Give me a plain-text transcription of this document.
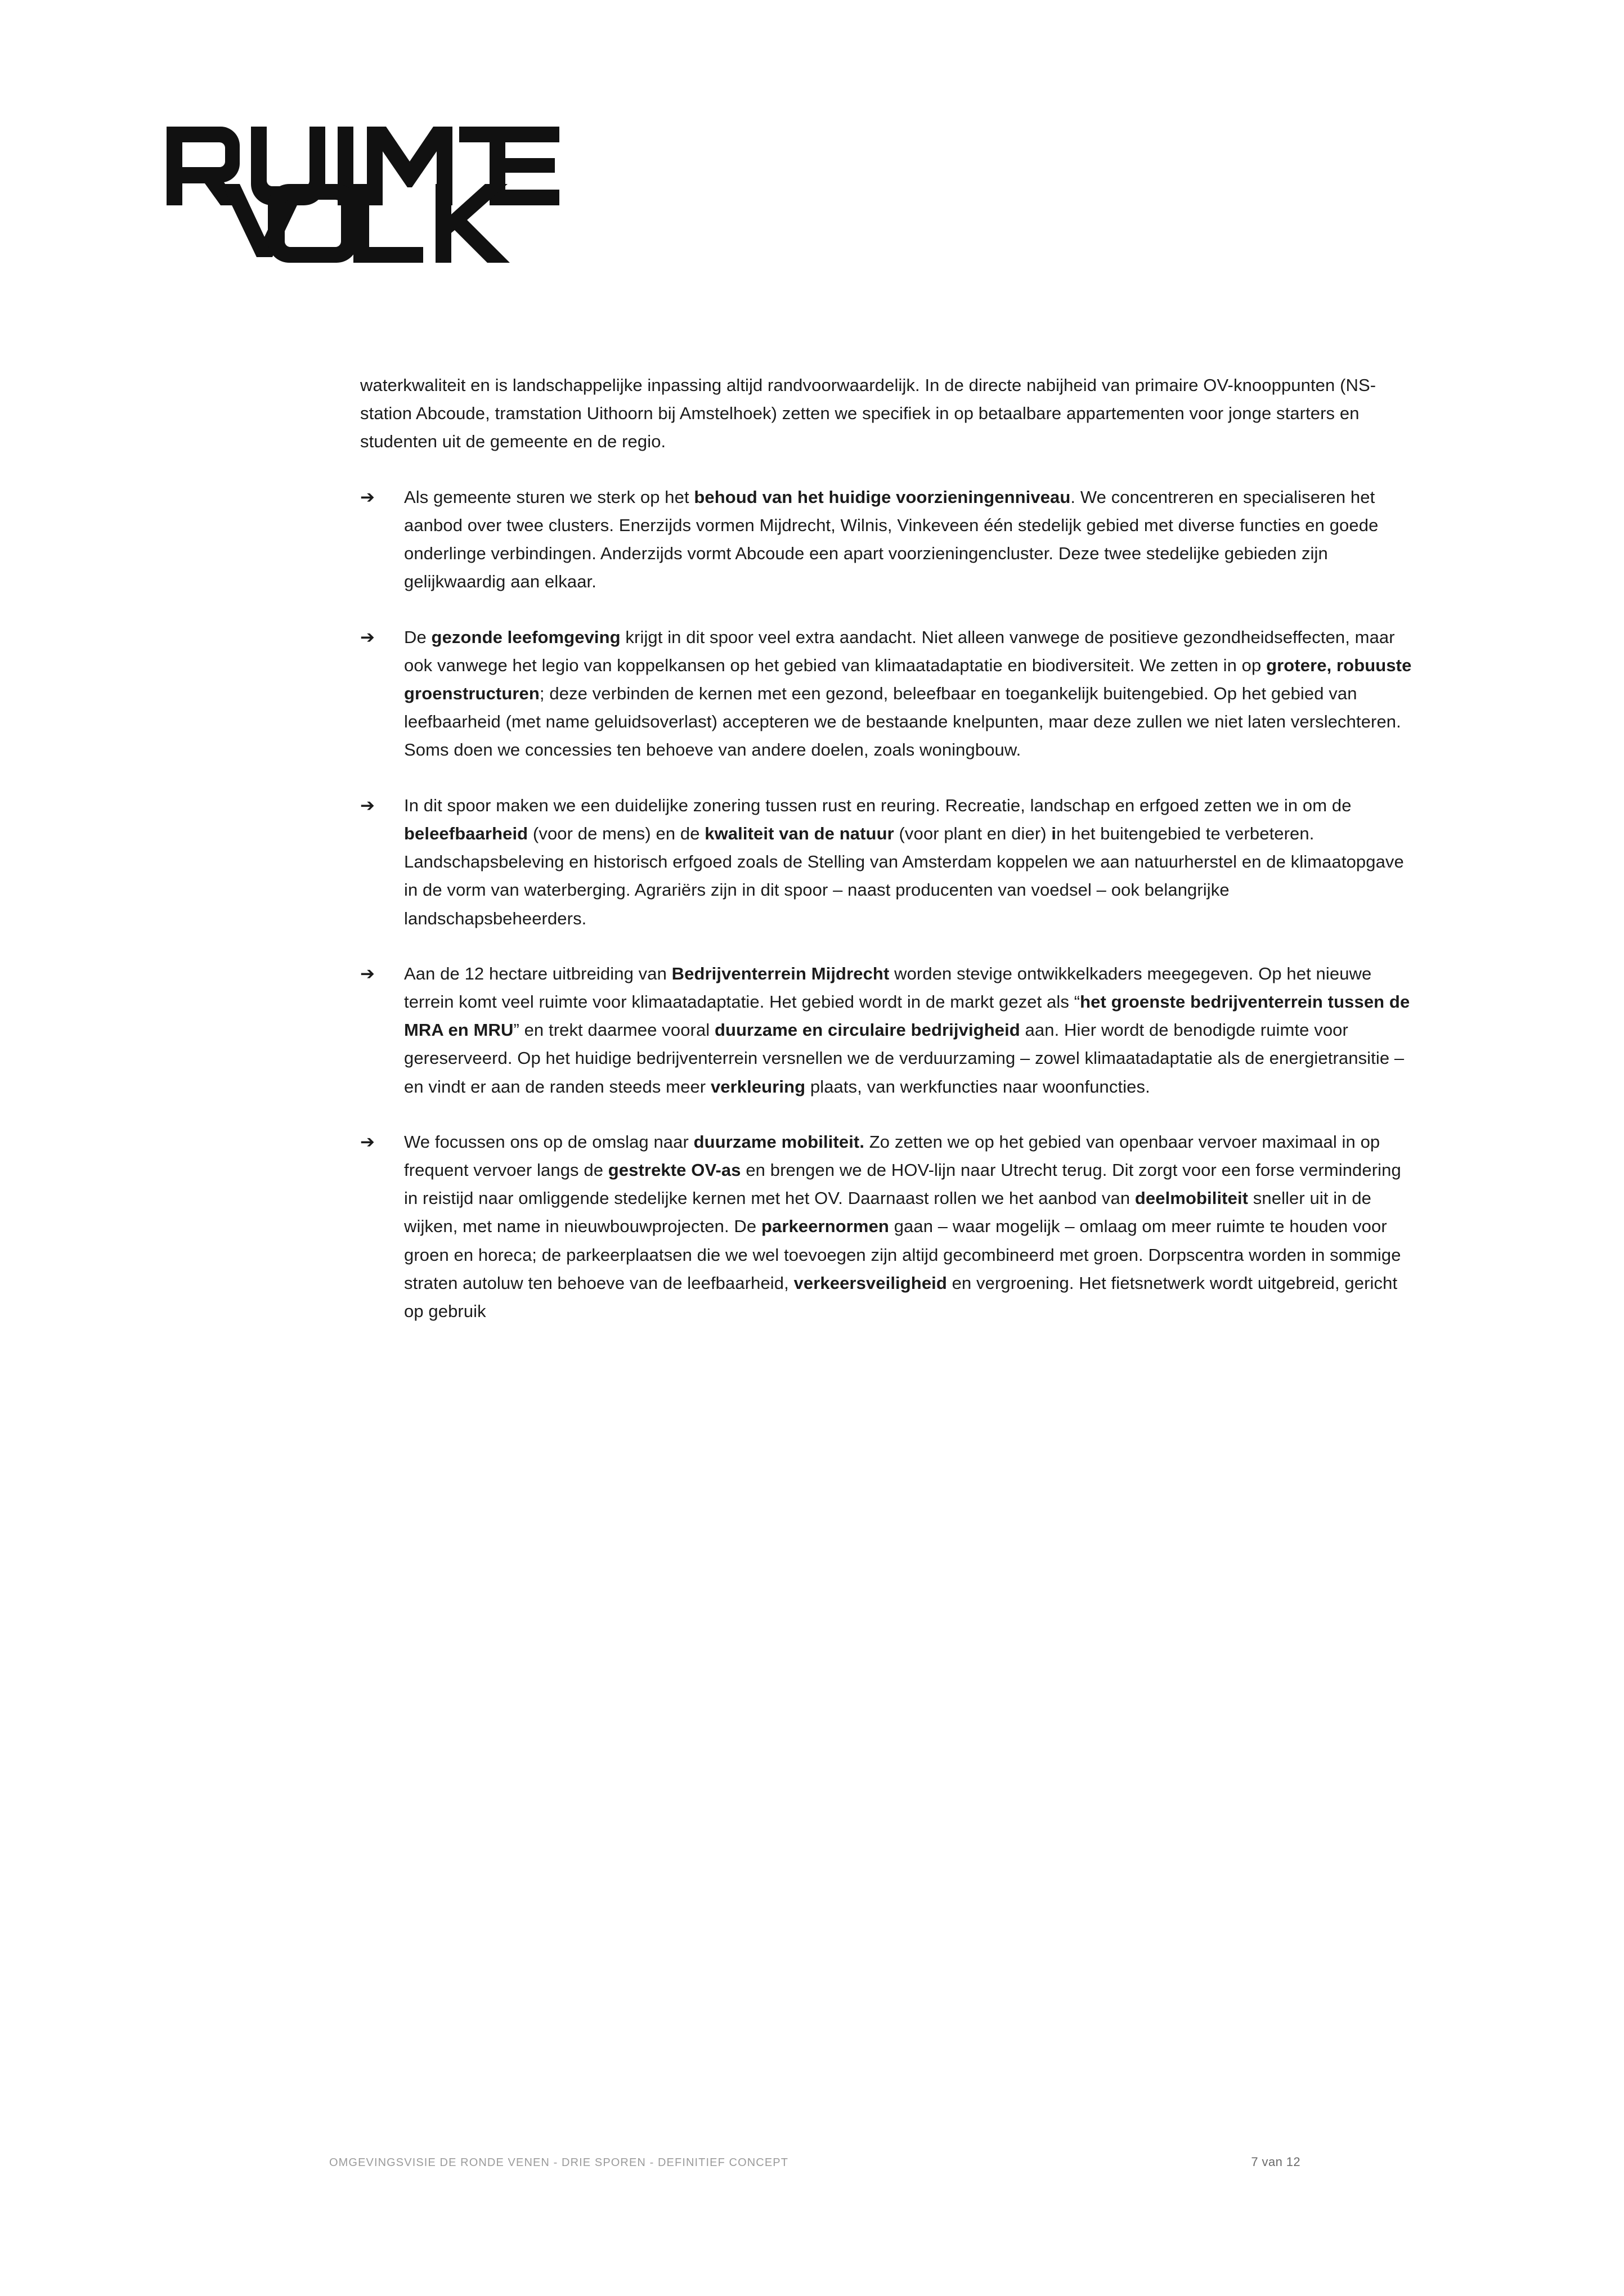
waterkwaliteit en is landschappelijke inpassing altijd randvoorwaardelijk. In de directe nabijheid van primaire OV-knooppunten (NS-station Abcoude, tramstation Uithoorn bij Amstelhoek) zetten we specifiek in op betaalbare appartementen voor jonge starters en studenten uit de gemeente en de regio.

➔	Als gemeente sturen we sterk op het behoud van het huidige voorzieningenniveau. We concentreren en specialiseren het aanbod over twee clusters. Enerzijds vormen Mijdrecht, Wilnis, Vinkeveen één stedelijk gebied met diverse functies en goede onderlinge verbindingen. Anderzijds vormt Abcoude een apart voorzieningencluster. Deze twee stedelijke gebieden zijn gelijkwaardig aan elkaar.
➔	De gezonde leefomgeving krijgt in dit spoor veel extra aandacht. Niet alleen vanwege de positieve gezondheidseffecten, maar ook vanwege het legio van koppelkansen op het gebied van klimaatadaptatie en biodiversiteit. We zetten in op grotere, robuuste groenstructuren; deze verbinden de kernen met een gezond, beleefbaar en toegankelijk buitengebied. Op het gebied van leefbaarheid (met name geluidsoverlast) accepteren we de bestaande knelpunten, maar deze zullen we niet laten verslechteren. Soms doen we concessies ten behoeve van andere doelen, zoals woningbouw.
➔	In dit spoor maken we een duidelijke zonering tussen rust en reuring. Recreatie, landschap en erfgoed zetten we in om de beleefbaarheid (voor de mens) en de kwaliteit van de natuur (voor plant en dier) in het buitengebied te verbeteren. Landschapsbeleving en historisch erfgoed zoals de Stelling van Amsterdam koppelen we aan natuurherstel en de klimaatopgave in de vorm van waterberging. Agrariërs zijn in dit spoor – naast producenten van voedsel – ook belangrijke landschapsbeheerders.
➔	Aan de 12 hectare uitbreiding van Bedrijventerrein Mijdrecht worden stevige ontwikkelkaders meegegeven. Op het nieuwe terrein komt veel ruimte voor klimaatadaptatie. Het gebied wordt in de markt gezet als “het groenste bedrijventerrein tussen de MRA en MRU” en trekt daarmee vooral duurzame en circulaire bedrijvigheid aan. Hier wordt de benodigde ruimte voor gereserveerd. Op het huidige bedrijventerrein versnellen we de verduurzaming – zowel klimaatadaptatie als de energietransitie – en vindt er aan de randen steeds meer verkleuring plaats, van werkfuncties naar woonfuncties.
➔	We focussen ons op de omslag naar duurzame mobiliteit. Zo zetten we op het gebied van openbaar vervoer maximaal in op frequent vervoer langs de gestrekte OV-as en brengen we de HOV-lijn naar Utrecht terug. Dit zorgt voor een forse vermindering in reistijd naar omliggende stedelijke kernen met het OV. Daarnaast rollen we het aanbod van deelmobiliteit sneller uit in de wijken, met name in nieuwbouwprojecten. De parkeernormen gaan – waar mogelijk – omlaag om meer ruimte te houden voor groen en horeca; de parkeerplaatsen die we wel toevoegen zijn altijd gecombineerd met groen. Dorpscentra worden in sommige straten autoluw ten behoeve van de leefbaarheid, verkeersveiligheid en vergroening. Het fietsnetwerk wordt uitgebreid, gericht op gebruik
OMGEVINGSVISIE DE RONDE VENEN - DRIE SPOREN - DEFINITIEF CONCEPT	7 van 12
